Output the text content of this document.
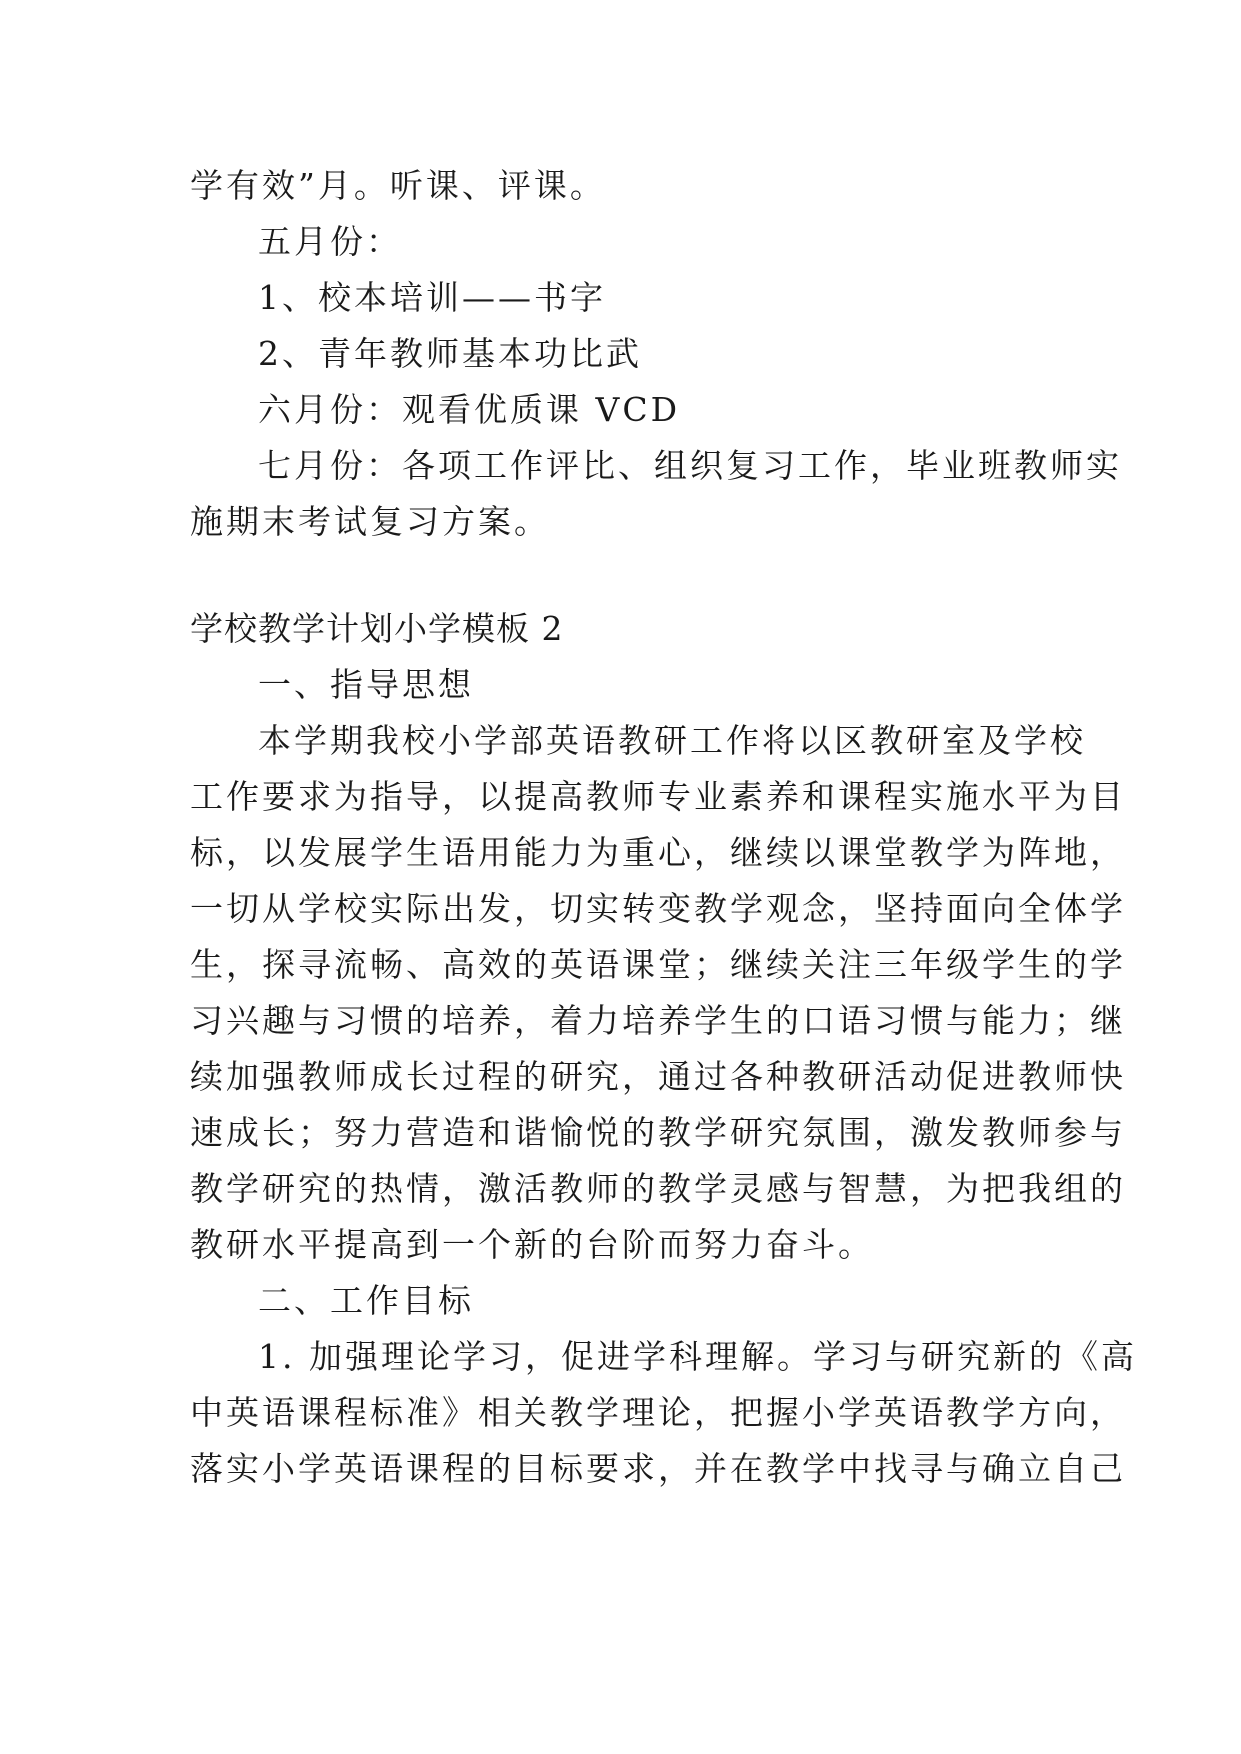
学有效”月。听课、评课。
五月份：
1、校本培训——书字
2、青年教师基本功比武
六月份：观看优质课 VCD
七月份：各项工作评比、组织复习工作，毕业班教师实
施期末考试复习方案。
学校教学计划小学模板 2
一、指导思想
本学期我校小学部英语教研工作将以区教研室及学校
工作要求为指导，以提高教师专业素养和课程实施水平为目
标，以发展学生语用能力为重心，继续以课堂教学为阵地，
一切从学校实际出发，切实转变教学观念，坚持面向全体学
生，探寻流畅、高效的英语课堂；继续关注三年级学生的学
习兴趣与习惯的培养，着力培养学生的口语习惯与能力；继
续加强教师成长过程的研究，通过各种教研活动促进教师快
速成长；努力营造和谐愉悦的教学研究氛围，激发教师参与
教学研究的热情，激活教师的教学灵感与智慧，为把我组的
教研水平提高到一个新的台阶而努力奋斗。
二、工作目标
1. 加强理论学习，促进学科理解。学习与研究新的《高
中英语课程标准》相关教学理论，把握小学英语教学方向，
落实小学英语课程的目标要求，并在教学中找寻与确立自己
